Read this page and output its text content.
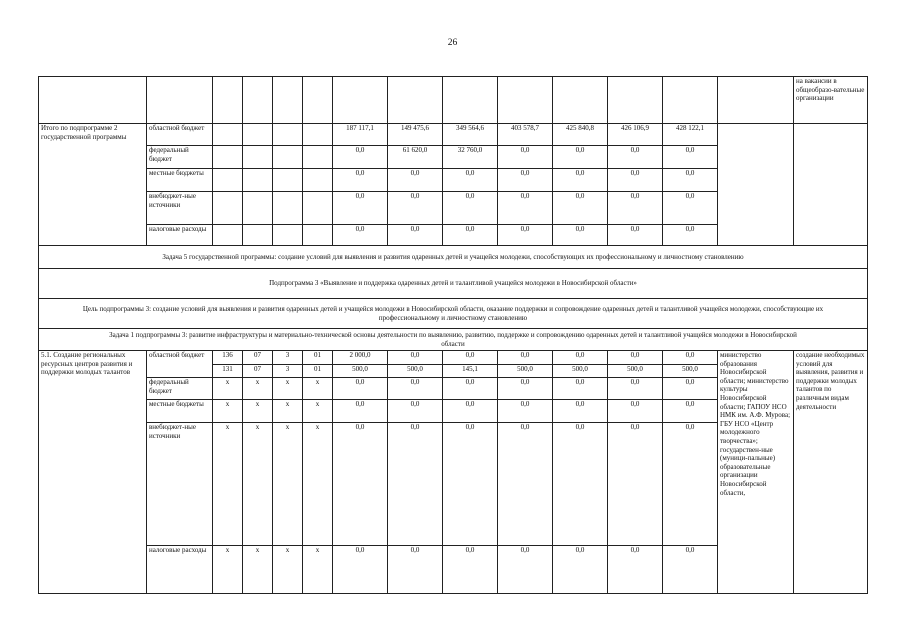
26
														на вакансии в общеобразо-вательные организации
Итого по подпрограмме 2 государственной программы	областной бюджет					187 117,1	149 475,6	349 564,6	403 578,7	425 840,8	426 106,9	428 122,1		
	федеральный бюджет					0,0	61 620,0	32 760,0	0,0	0,0	0,0	0,0		
	местные бюджеты					0,0	0,0	0,0	0,0	0,0	0,0	0,0		
	внебюджет-ные источники					0,0	0,0	0,0	0,0	0,0	0,0	0,0		
	налоговые расходы					0,0	0,0	0,0	0,0	0,0	0,0	0,0		
Задача 5 государственной программы: создание условий для выявления и развития одаренных детей и учащейся молодежи, способствующих их профессиональному и личностному становлению														
Подпрограмма 3 «Выявление и поддержка одаренных детей и талантливой учащейся молодежи в Новосибирской области»														
Цель подпрограммы 3: создание условий для выявления и развития одаренных детей и учащейся молодежи в Новосибирской области, оказание поддержки и сопровождение одаренных детей и талантливой учащейся молодежи, способствующие их профессиональному и личностному становлению														
Задача 1 подпрограммы 3: развитие инфраструктуры и материально-технической основы деятельности по выявлению, развитию, поддержке и сопровождению одаренных детей и талантливой учащейся молодежи в Новосибирской области														
5.1. Создание региональных ресурсных центров развития и поддержки молодых талантов	областной бюджет	136	07	3	01	2 000,0	0,0	0,0	0,0	0,0	0,0	0,0	министерство образования Новосибирской области; министерство культуры Новосибирской области; ГАПОУ НСО НМК им. А.Ф. Мурова; ГБУ НСО «Центр молодежного творчества»; государствен-ные (муници-пальные) образовательные организации Новосибирской области,	создание необходимых условий для выявления, развития и поддержки молодых талантов по различным видам деятельности
		131	07	3	01	500,0	500,0	145,1	500,0	500,0	500,0	500,0		
	федеральный бюджет	х	х	х	х	0,0	0,0	0,0	0,0	0,0	0,0	0,0		
	местные бюджеты	х	х	х	х	0,0	0,0	0,0	0,0	0,0	0,0	0,0		
	внебюджет-ные источники	х	х	х	х	0,0	0,0	0,0	0,0	0,0	0,0	0,0		
	налоговые расходы	х	х	х	х	0,0	0,0	0,0	0,0	0,0	0,0	0,0		
